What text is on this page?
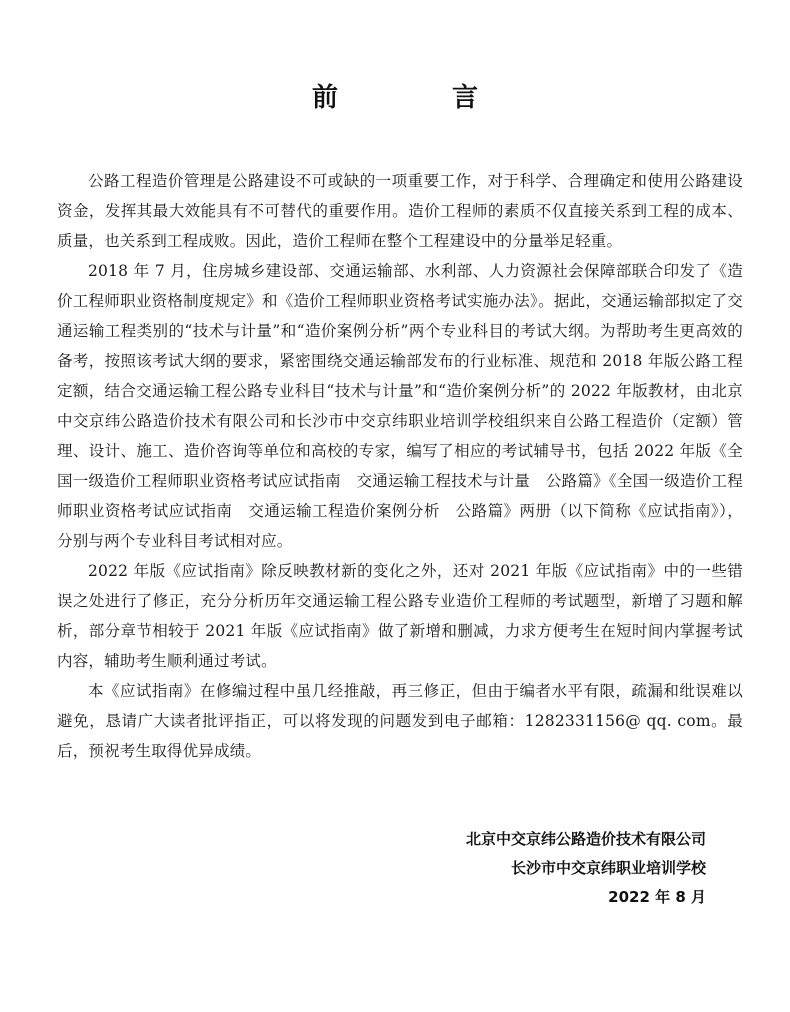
前　言

公路工程造价管理是公路建设不可或缺的一项重要工作，对于科学、合理确定和使用公路建设资金，发挥其最大效能具有不可替代的重要作用。造价工程师的素质不仅直接关系到工程的成本、质量，也关系到工程成败。因此，造价工程师在整个工程建设中的分量举足轻重。

2018 年 7 月，住房城乡建设部、交通运输部、水利部、人力资源社会保障部联合印发了《造价工程师职业资格制度规定》和《造价工程师职业资格考试实施办法》。据此，交通运输部拟定了交通运输工程类别的“技术与计量”和“造价案例分析”两个专业科目的考试大纲。为帮助考生更高效的备考，按照该考试大纲的要求，紧密围绕交通运输部发布的行业标准、规范和 2018 年版公路工程定额，结合交通运输工程公路专业科目“技术与计量”和“造价案例分析”的 2022 年版教材，由北京中交京纬公路造价技术有限公司和长沙市中交京纬职业培训学校组织来自公路工程造价（定额）管理、设计、施工、造价咨询等单位和高校的专家，编写了相应的考试辅导书，包括 2022 年版《全国一级造价工程师职业资格考试应试指南　交通运输工程技术与计量　公路篇》《全国一级造价工程师职业资格考试应试指南　交通运输工程造价案例分析　公路篇》两册（以下简称《应试指南》），分别与两个专业科目考试相对应。

2022 年版《应试指南》除反映教材新的变化之外，还对 2021 年版《应试指南》中的一些错误之处进行了修正，充分分析历年交通运输工程公路专业造价工程师的考试题型，新增了习题和解析，部分章节相较于 2021 年版《应试指南》做了新增和删减，力求方便考生在短时间内掌握考试内容，辅助考生顺利通过考试。

本《应试指南》在修编过程中虽几经推敲，再三修正，但由于编者水平有限，疏漏和纰误难以避免，恳请广大读者批评指正，可以将发现的问题发到电子邮箱：1282331156@ qq. com。最后，预祝考生取得优异成绩。

北京中交京纬公路造价技术有限公司
长沙市中交京纬职业培训学校
2022 年 8 月
